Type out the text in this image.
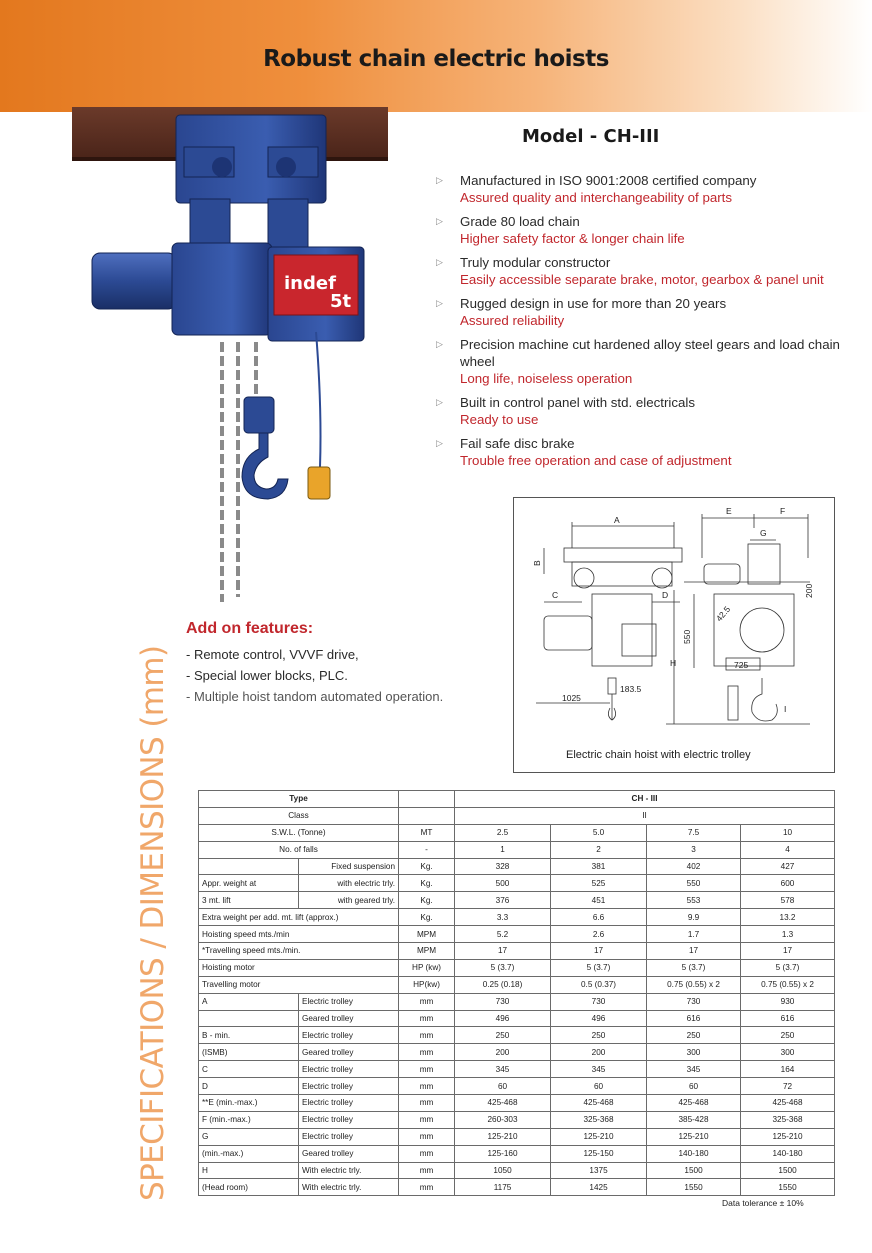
Robust chain electric hoists
indef
5t
Model - CH-III
▷ Manufactured in ISO 9001:2008 certified company
Assured quality and interchangeability of parts
▷ Grade 80 load chain
Higher safety factor & longer chain life
▷ Truly modular constructor
Easily accessible separate brake, motor, gearbox & panel unit
▷ Rugged design in use for more than 20 years
Assured reliability
▷ Precision machine cut hardened alloy steel gears and load chain wheel
Long life, noiseless operation
▷ Built in control panel with std. electricals
Ready to use
▷ Fail safe disc brake
Trouble free operation and case of adjustment
Add on features:
- Remote control, VVVF drive,
- Special lower blocks, PLC.
- Multiple hoist tandom automated operation.
A
B
C	D
H
1025
183.5
E	F
G
200
550
42.5
725
I
Electric chain hoist with electric trolley
SPECIFICATIONS / DIMENSIONS (mm)	Type			CH - III			
Class			II			
S.W.L. (Tonne)		MT	2.5	5.0	7.5	10
No. of falls		-	1	2	3	4
	Fixed suspension	Kg.	328	381	402	427
Appr. weight at	with electric trly.	Kg.	500	525	550	600
3 mt. lift	with geared trly.	Kg.	376	451	553	578
Extra weight per add. mt. lift (approx.)		Kg.	3.3	6.6	9.9	13.2
Hoisting speed mts./min		MPM	5.2	2.6	1.7	1.3
*Travelling speed mts./min.		MPM	17	17	17	17
Hoisting motor		HP (kw)	5 (3.7)	5 (3.7)	5 (3.7)	5 (3.7)
Travelling motor		HP(kw)	0.25 (0.18)	0.5 (0.37)	0.75 (0.55) x 2	0.75 (0.55) x 2
A	Electric trolley	mm	730	730	730	930
	Geared trolley	mm	496	496	616	616
B - min.	Electric trolley	mm	250	250	250	250
(ISMB)	Geared trolley	mm	200	200	300	300
C	Electric trolley	mm	345	345	345	164
D	Electric trolley	mm	60	60	60	72
**E (min.-max.)	Electric trolley	mm	425-468	425-468	425-468	425-468
F (min.-max.)	Electric trolley	mm	260-303	325-368	385-428	325-368
G	Electric trolley	mm	125-210	125-210	125-210	125-210
(min.-max.)	Geared trolley	mm	125-160	125-150	140-180	140-180
H	With electric trly.	mm	1050	1375	1500	1500
(Head room)	With electric trly.	mm	1175	1425	1550	1550
Data tolerance ± 10%
